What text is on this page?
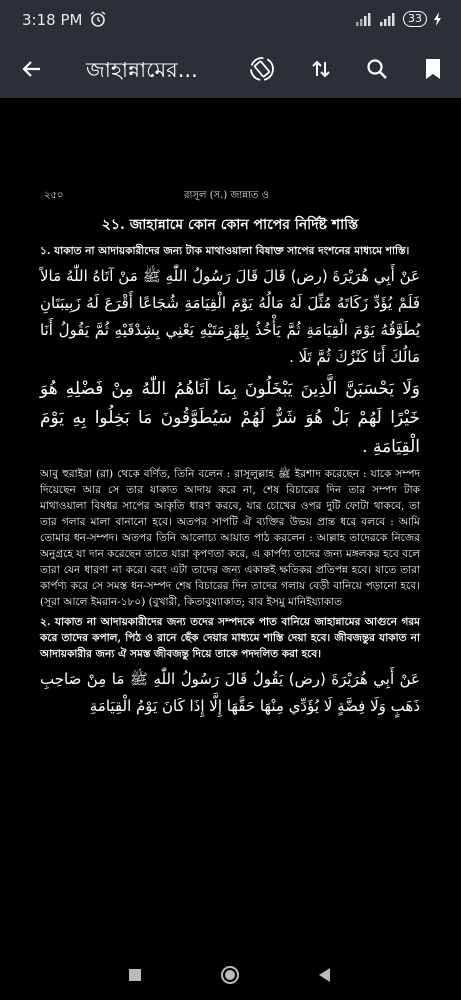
3:18 PM	33
জাহান্নামের...
২৫০	রাসূল (স.) জান্নাত ও

২১. জাহান্নামে কোন কোন পাপের নির্দিষ্ট শাস্তি

১. যাকাত না আদায়কারীদের জন্য টাক মাথাওয়ালা বিষাক্ত সাপের দংশনের মাধ্যমে শাস্তি।

عَنْ أَبِي هُرَيْرَةَ (رض) قَالَ قَالَ رَسُولُ اللّٰهِ ﷺ مَنْ آتَاهُ اللّٰهُ مَالاً فَلَمْ يُؤَدِّ زَكَاتَهُ مُثِّلَ لَهُ مَالُهُ يَوْمَ الْقِيَامَةِ شُجَاعًا أَقْرَعَ لَهُ زَبِيبَتَانِ يُطَوَّقُهُ يَوْمَ الْقِيَامَةِ ثُمَّ يَأْخُذُ بِلِهْزِمَتَيْهِ يَعْنِي بِشِدْقَيْهِ ثُمَّ يَقُولُ أَنَا مَالُكَ أَنَا كَنْزُكَ ثُمَّ تَلَا .

وَلَا يَحْسَبَنَّ الَّذِينَ يَبْخَلُونَ بِمَا آتَاهُمُ اللّٰهُ مِنْ فَضْلِهِ هُوَ خَيْرًا لَهُمْ بَلْ هُوَ شَرٌّ لَهُمْ سَيُطَوَّقُونَ مَا بَخِلُوا بِهِ يَوْمَ الْقِيَامَةِ .

আবু হুরাইরা (রা) থেকে বর্ণিত, তিনি বলেন : রাসূলুল্লাহ ﷺ ইরশাদ করেছেন : যাকে সম্পদ দিয়েছেন আর সে তার যাকাত আদায় করে না, শেষ বিচারের দিন তার সম্পদ টাক মাথাওয়ালা বিষধর সাপের আকৃতি ধারণ করবে, যার চোখের ওপর দুটি ফোটা থাকবে, তা তার গলার মালা বানানো হবে। অতপর সাপটি ঐ ব্যক্তির উভয় প্রান্ত ধরে বলবে : আমি তোমার ধন-সম্পদ। অতপর তিনি আলোচ্য আয়াত পাঠ করলেন : আল্লাহ তাদেরকে নিজের অনুগ্রহে যা দান করেছেন তাতে যারা কৃপণতা করে, এ কার্পণ্য তাদের জন্য মঙ্গলকর হবে বলে তারা যেন ধারণা না করে। বরং এটা তাদের জন্য একান্তই ক্ষতিকর প্রতিপন্ন হবে। যাতে তারা কার্পণ্য করে সে সমস্ত ধন-সম্পদ শেষ বিচারের দিন তাদের গলায় বেড়ী বানিয়ে পড়ানো হবে। (সূরা আলে ইমরান-১৮০) (বুখারী, কিতাবুয্যাকাত; বাব ইসমু মানিইয্যাকাত

২. যাকাত না আদায়কারীদের জন্য তদের সম্পদকে পাত বানিয়ে জাহান্নামের আগুনে গরম করে তাদের কপাল, পিঠ ও রানে ছেঁক দেয়ার মাধ্যমে শাস্তি দেয়া হবে। জীবজন্তুর যাকাত না আদায়কারীর জন্য ঐ সমস্ত জীবজন্তু দিয়ে তাকে পদদলিত করা হবে।

عَنْ أَبِي هُرَيْرَةَ (رض) يَقُولُ قَالَ رَسُولُ اللّٰهِ ﷺ مَا مِنْ صَاحِبِ ذَهَبٍ وَلَا فِضَّةٍ لَا يُؤَدِّي مِنْهَا حَقَّهَا إِلَّا إِذَا كَانَ يَوْمُ الْقِيَامَةِ
